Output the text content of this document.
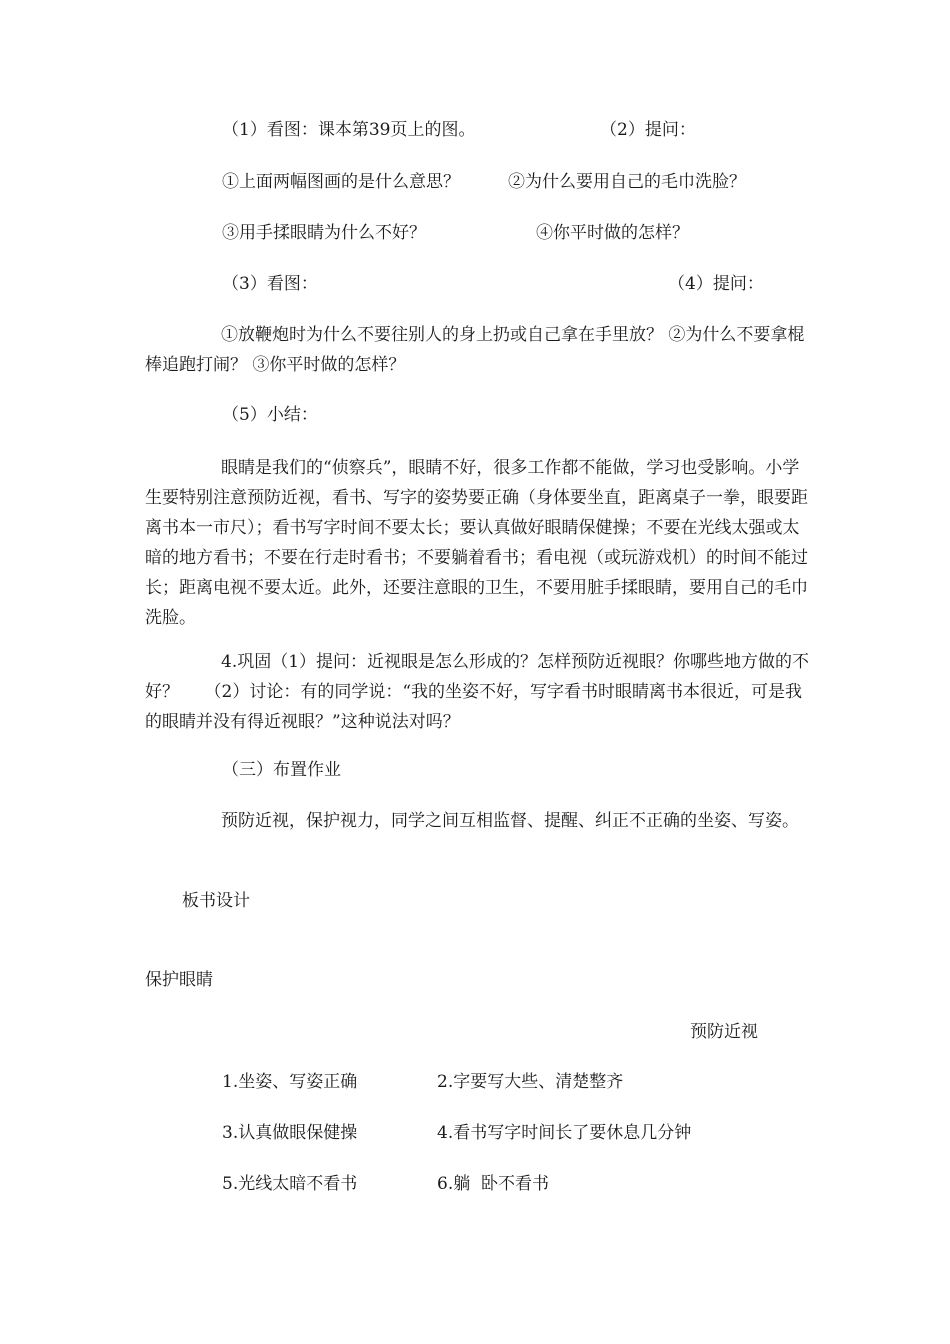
（1）看图：课本第39页上的图。	（2）提问：
①上面两幅图画的是什么意思？	②为什么要用自己的毛巾洗脸？
③用手揉眼睛为什么不好？	④你平时做的怎样？
（3）看图：	（4）提问：
①放鞭炮时为什么不要往别人的身上扔或自己拿在手里放？ ②为什么不要拿棍棒追跑打闹？ ③你平时做的怎样？
（5）小结：
眼睛是我们的“侦察兵”，眼睛不好，很多工作都不能做，学习也受影响。小学生要特别注意预防近视，看书、写字的姿势要正确（身体要坐直，距离桌子一拳，眼要距离书本一市尺）；看书写字时间不要太长；要认真做好眼睛保健操；不要在光线太强或太暗的地方看书；不要在行走时看书；不要躺着看书；看电视（或玩游戏机）的时间不能过长；距离电视不要太近。此外，还要注意眼的卫生，不要用脏手揉眼睛，要用自己的毛巾洗脸。
4.巩固（1）提问：近视眼是怎么形成的？怎样预防近视眼？你哪些地方做的不好？　　（2）讨论：有的同学说：“我的坐姿不好，写字看书时眼睛离书本很近，可是我的眼睛并没有得近视眼？”这种说法对吗？
（三）布置作业
预防近视，保护视力，同学之间互相监督、提醒、纠正不正确的坐姿、写姿。
板书设计
保护眼睛
预防近视
1.坐姿、写姿正确	2.字要写大些、清楚整齐
3.认真做眼保健操	4.看书写字时间长了要休息几分钟
5.光线太暗不看书	6.躺  卧不看书
